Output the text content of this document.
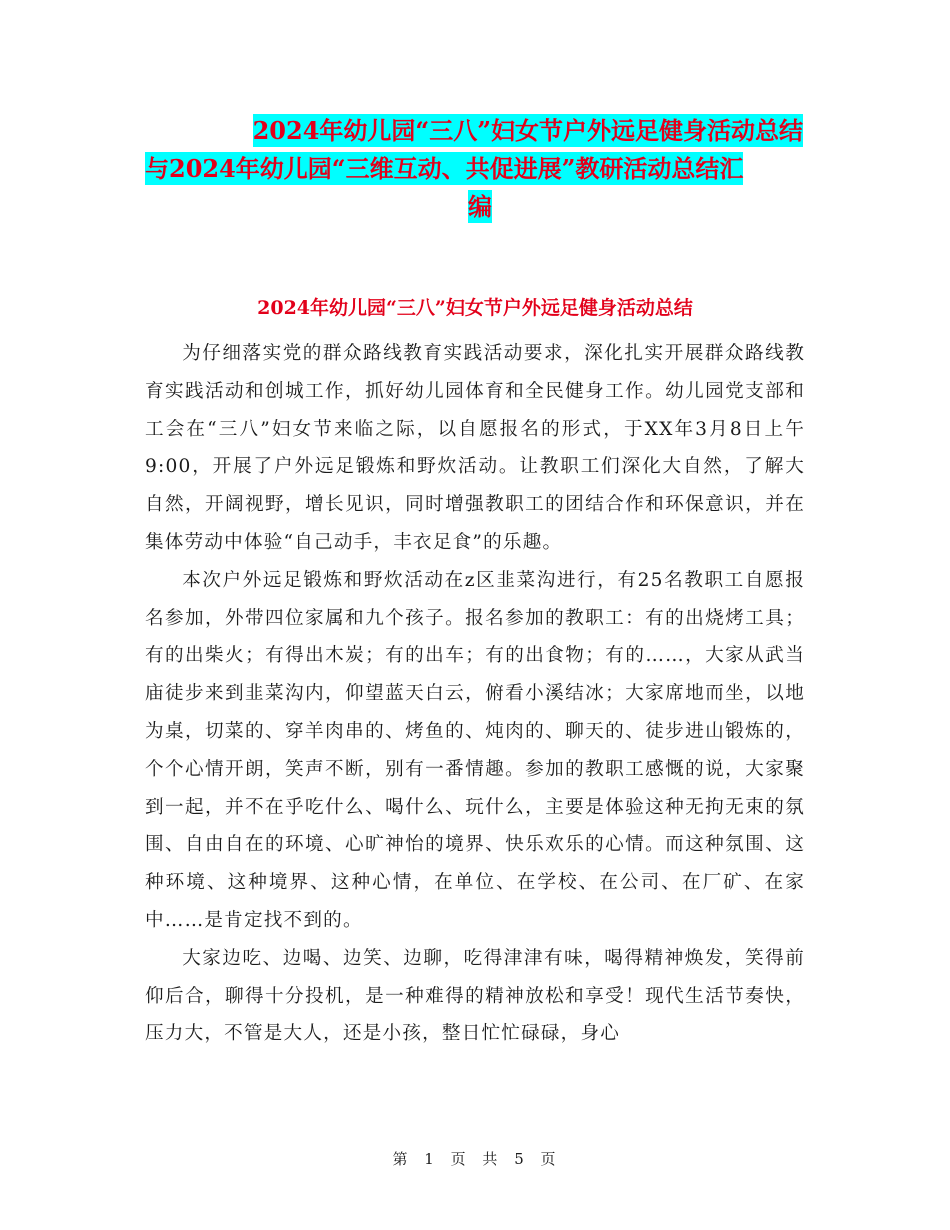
2024年幼儿园“三八”妇女节户外远足健身活动总结
与2024年幼儿园“三维互动、共促进展”教研活动总结汇
编
2024年幼儿园“三八”妇女节户外远足健身活动总结

为仔细落实党的群众路线教育实践活动要求，深化扎实开展群众路线教育实践活动和创城工作，抓好幼儿园体育和全民健身工作。幼儿园党支部和工会在“三八”妇女节来临之际，以自愿报名的形式，于XX年3月8日上午9:00，开展了户外远足锻炼和野炊活动。让教职工们深化大自然，了解大自然，开阔视野，增长见识，同时增强教职工的团结合作和环保意识，并在集体劳动中体验“自己动手，丰衣足食”的乐趣。

本次户外远足锻炼和野炊活动在z区韭菜沟进行，有25名教职工自愿报名参加，外带四位家属和九个孩子。报名参加的教职工：有的出烧烤工具；有的出柴火；有得出木炭；有的出车；有的出食物；有的……，大家从武当庙徒步来到韭菜沟内，仰望蓝天白云，俯看小溪结冰；大家席地而坐，以地为桌，切菜的、穿羊肉串的、烤鱼的、炖肉的、聊天的、徒步进山锻炼的，个个心情开朗，笑声不断，别有一番情趣。参加的教职工感慨的说，大家聚到一起，并不在乎吃什么、喝什么、玩什么，主要是体验这种无拘无束的氛围、自由自在的环境、心旷神怡的境界、快乐欢乐的心情。而这种氛围、这种环境、这种境界、这种心情，在单位、在学校、在公司、在厂矿、在家中……是肯定找不到的。

大家边吃、边喝、边笑、边聊，吃得津津有味，喝得精神焕发，笑得前仰后合，聊得十分投机，是一种难得的精神放松和享受！现代生活节奏快，压力大，不管是大人，还是小孩，整日忙忙碌碌，身心

第 1 页 共 5 页
